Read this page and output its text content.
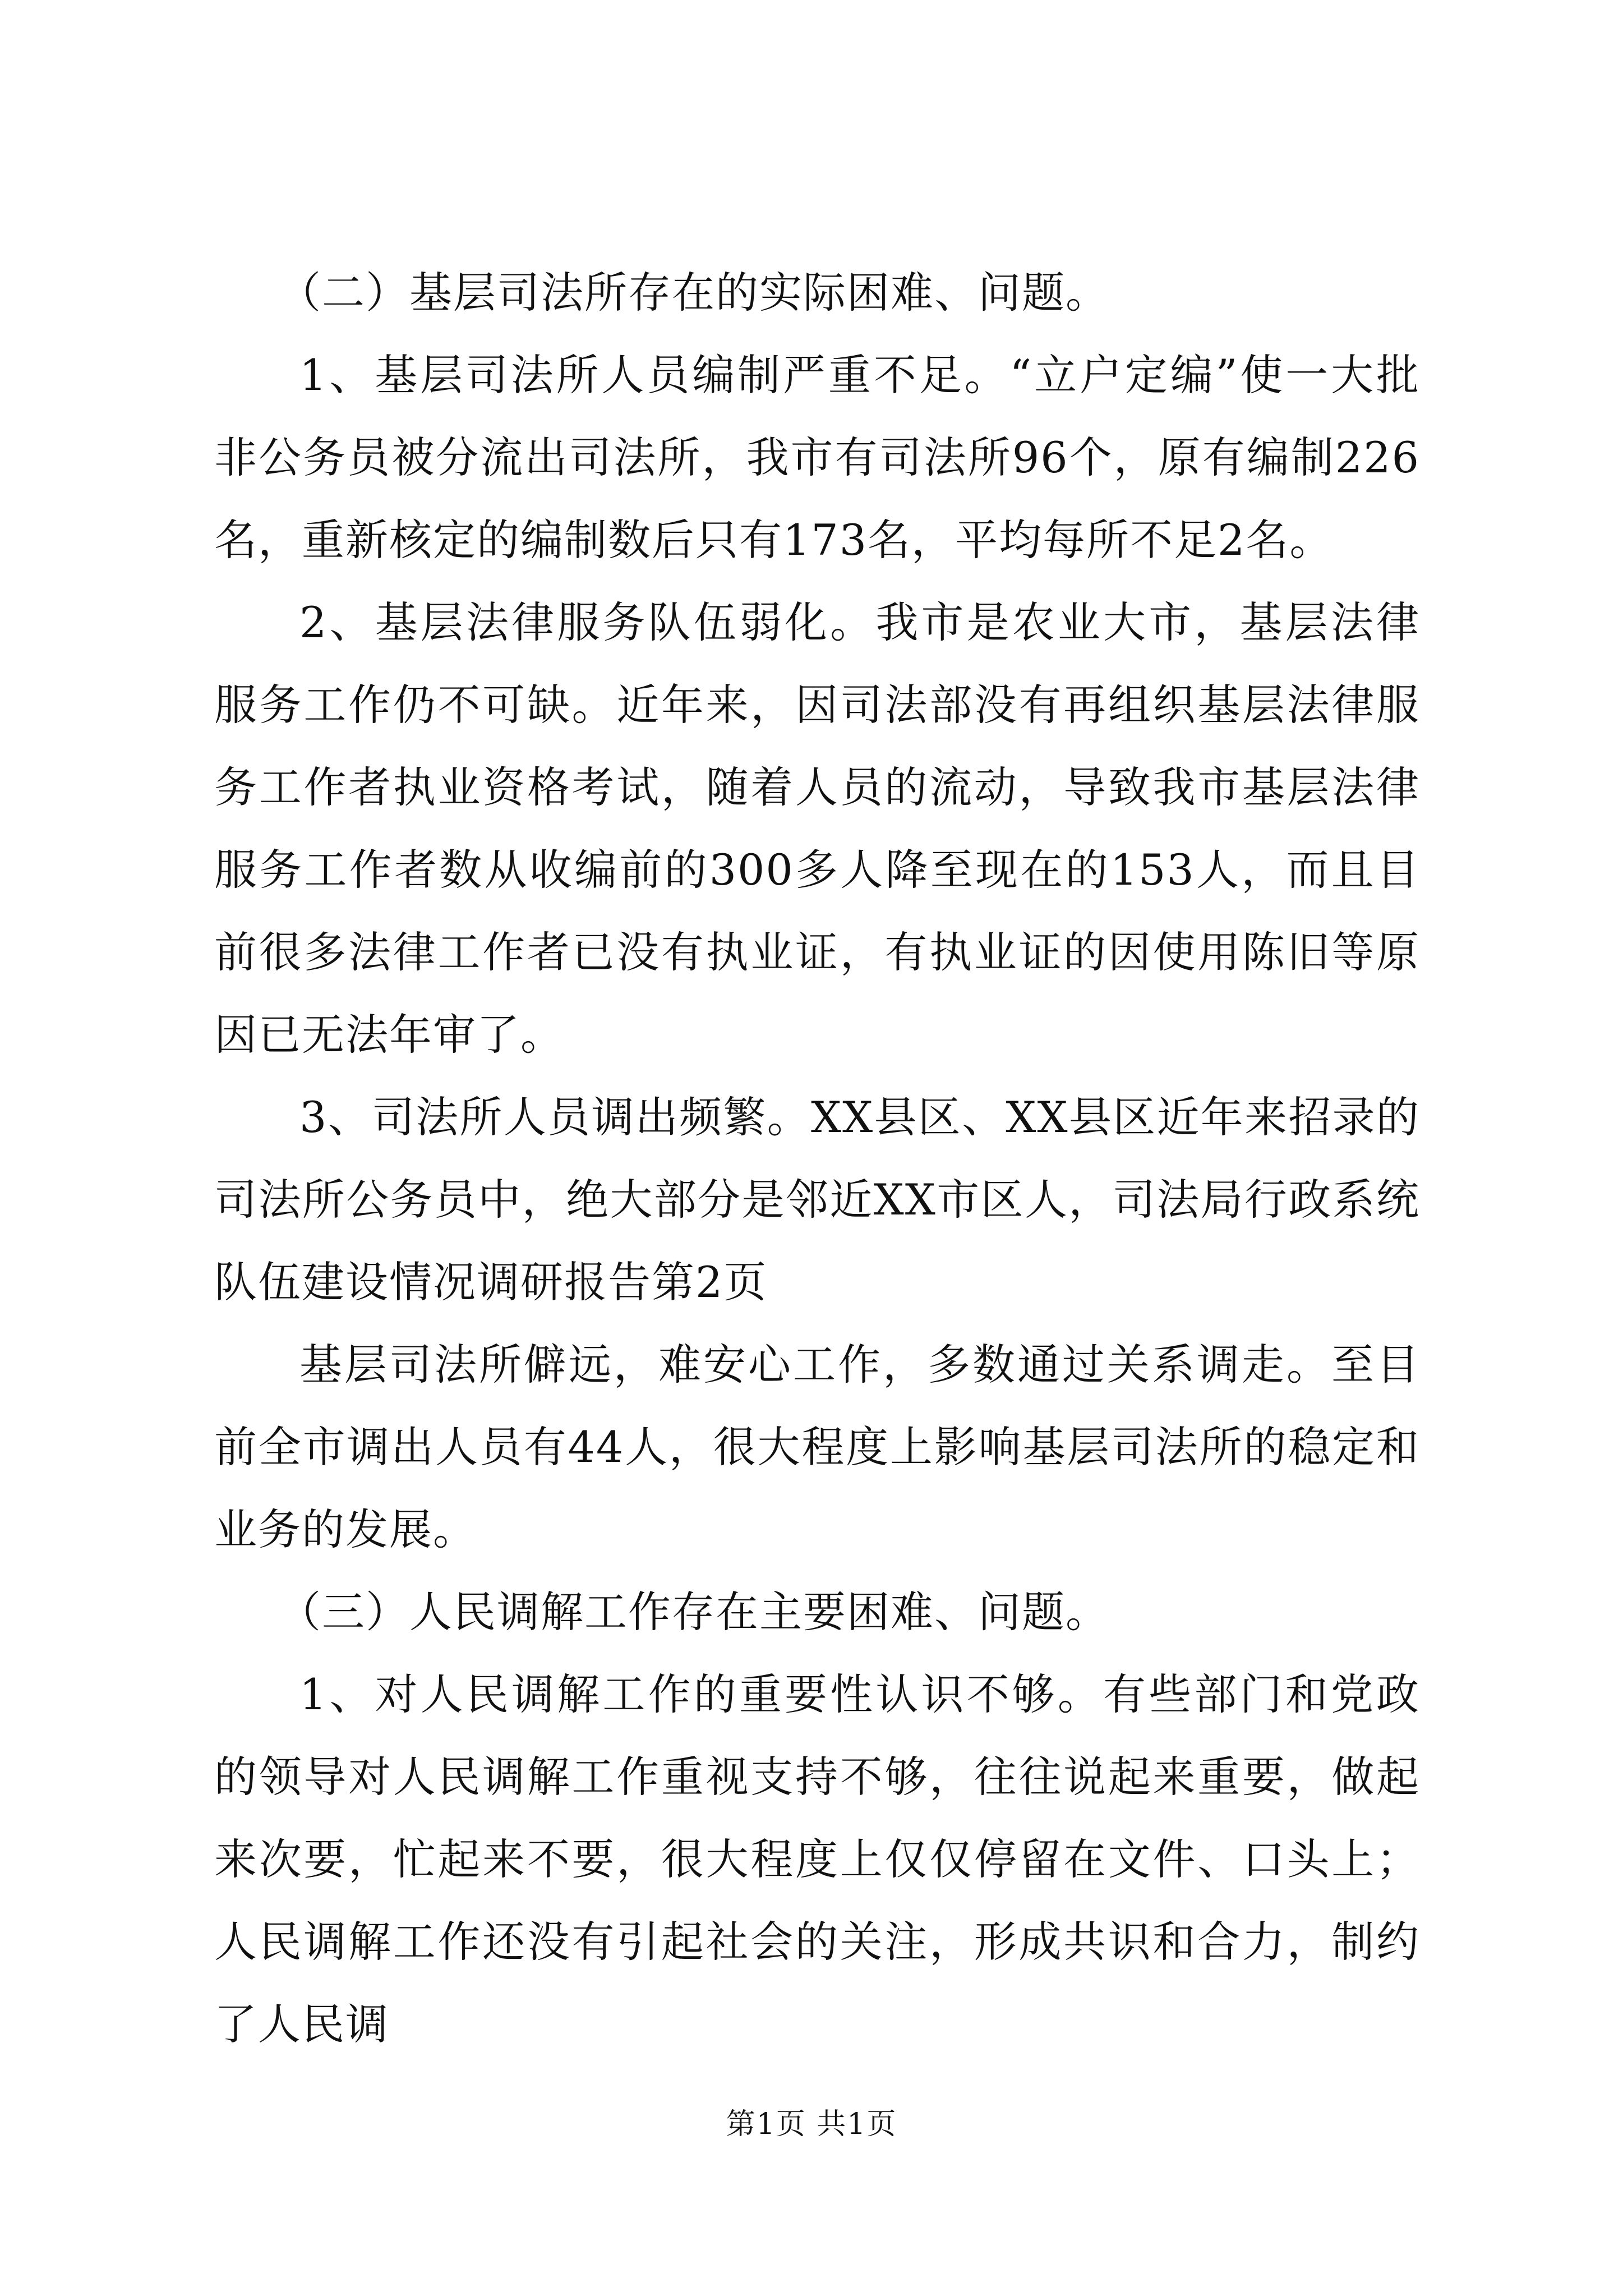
（二）基层司法所存在的实际困难、问题。

1、基层司法所人员编制严重不足。“立户定编”使一大批非公务员被分流出司法所，我市有司法所96个，原有编制226名，重新核定的编制数后只有173名，平均每所不足2名。

2、基层法律服务队伍弱化。我市是农业大市，基层法律服务工作仍不可缺。近年来，因司法部没有再组织基层法律服务工作者执业资格考试，随着人员的流动，导致我市基层法律服务工作者数从收编前的300多人降至现在的153人，而且目前很多法律工作者已没有执业证，有执业证的因使用陈旧等原因已无法年审了。

3、司法所人员调出频繁。XX县区、XX县区近年来招录的司法所公务员中，绝大部分是邻近XX市区人，司法局行政系统队伍建设情况调研报告第2页

基层司法所僻远，难安心工作，多数通过关系调走。至目前全市调出人员有44人，很大程度上影响基层司法所的稳定和业务的发展。

（三）人民调解工作存在主要困难、问题。

1、对人民调解工作的重要性认识不够。有些部门和党政的领导对人民调解工作重视支持不够，往往说起来重要，做起来次要，忙起来不要，很大程度上仅仅停留在文件、口头上；人民调解工作还没有引起社会的关注，形成共识和合力，制约了人民调

第1页 共1页
